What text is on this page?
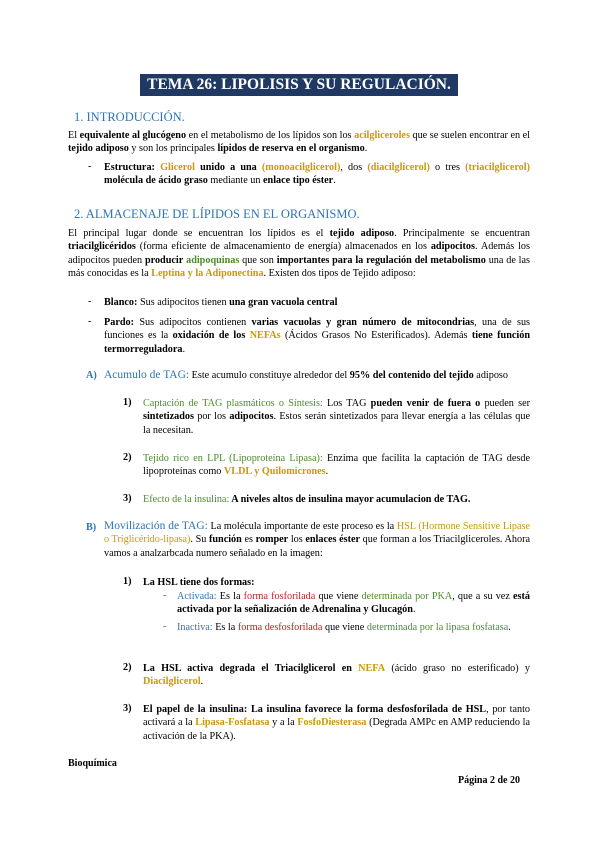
TEMA 26: LIPOLISIS Y SU REGULACIÓN.
1. INTRODUCCIÓN.
El equivalente al glucógeno en el metabolismo de los lípidos son los acilgliceroles que se suelen encontrar en el tejido adiposo y son los principales lípidos de reserva en el organismo.
- Estructura: Glicerol unido a una (monoacilglicerol), dos (diacilglicerol) o tres (triacilglicerol) molécula de ácido graso mediante un enlace tipo éster.
2. ALMACENAJE DE LÍPIDOS EN EL ORGANISMO.
El principal lugar donde se encuentran los lípidos es el tejido adiposo. Principalmente se encuentran triacilglicéridos (forma eficiente de almacenamiento de energía) almacenados en los adipocitos. Además los adipocitos pueden producir adipoquinas que son importantes para la regulación del metabolismo una de las más conocidas es la Leptina y la Adiponectina. Existen dos tipos de Tejido adiposo:
- Blanco: Sus adipocitos tienen una gran vacuola central
- Pardo: Sus adipocitos contienen varias vacuolas y gran número de mitocondrias, una de sus funciones es la oxidación de los NEFAs (Ácidos Grasos No Esterificados). Además tiene función termorreguladora.
A) Acumulo de TAG: Este acumulo constituye alrededor del 95% del contenido del tejido adiposo
1) Captación de TAG plasmáticos o Síntesis: Los TAG pueden venir de fuera o pueden ser sintetizados por los adipocitos. Estos serán sintetizados para llevar energía a las células que la necesitan.
2) Tejido rico en LPL (Lipoproteína Lipasa): Enzima que facilita la captación de TAG desde lipoproteínas como VLDL y Quilomicrones.
3) Efecto de la insulina: A niveles altos de insulina mayor acumulacion de TAG.
B) Movilización de TAG: La molécula importante de este proceso es la HSL (Hormone Sensitive Lipase o Triglicérido-lipasa). Su función es romper los enlaces éster que forman a los Triacilgliceroles. Ahora vamos a analzarbcada numero señalado en la imagen:
1) La HSL tiene dos formas:
- Activada: Es la forma fosforilada que viene determinada por PKA, que a su vez está activada por la señalización de Adrenalina y Glucagón.
- Inactiva: Es la forma desfosforilada que viene determinada por la lipasa fosfatasa.
2) La HSL activa degrada el Triacilglicerol en NEFA (ácido graso no esterificado) y Diacilglicerol.
3) El papel de la insulina: La insulina favorece la forma desfosforilada de HSL, por tanto activará a la Lipasa-Fosfatasa y a la FosfoDiesterasa (Degrada AMPc en AMP reduciendo la activación de la PKA).
Bioquímica
Página 2 de 20
